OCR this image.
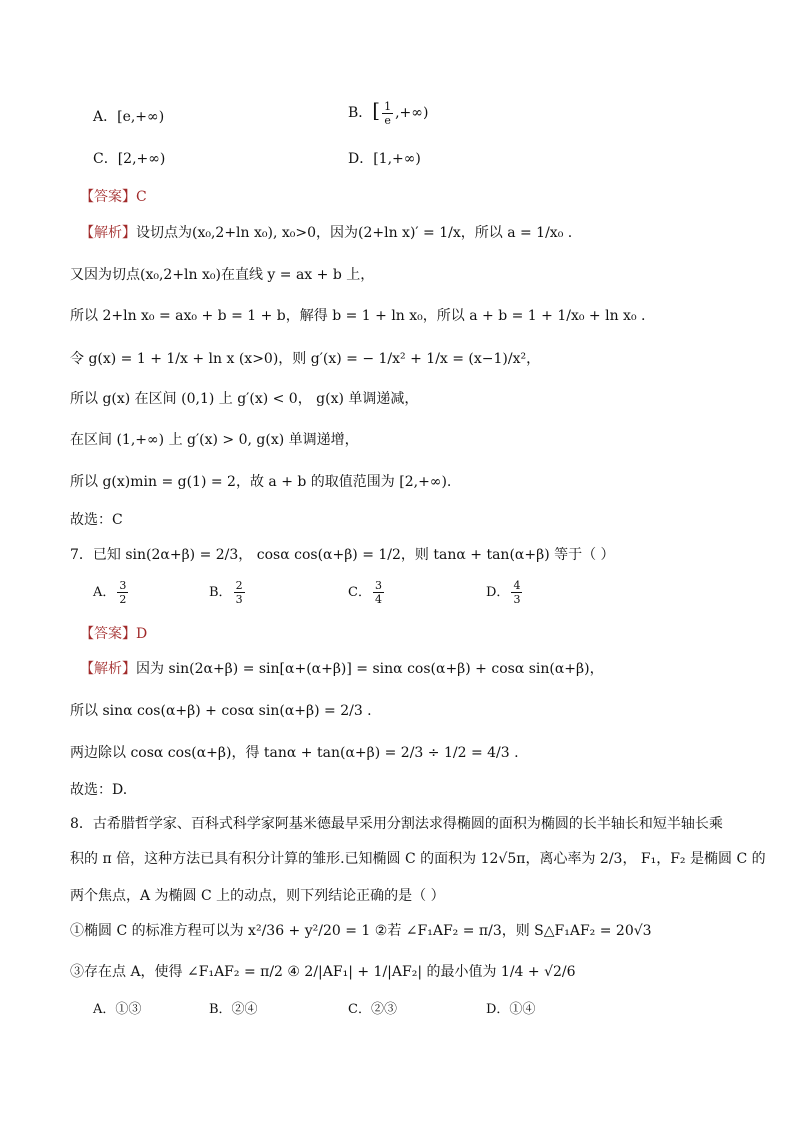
A．[e,+∞)	B．[ $\frac{1}{e}$ ,+∞)
C．[2,+∞)	D．[1,+∞)
【答案】C
【解析】设切点为(x₀,2+ln x₀), x₀>0，因为(2+ln x)′ = 1/x，所以 a = 1/x₀ .
又因为切点(x₀,2+ln x₀)在直线 y = ax + b 上，
所以 2+ln x₀ = ax₀ + b = 1 + b，解得 b = 1 + ln x₀，所以 a + b = 1 + 1/x₀ + ln x₀ .
令 g(x) = 1 + 1/x + ln x (x>0)，则 g′(x) = − 1/x² + 1/x = (x−1)/x²，
所以 g(x) 在区间 (0,1) 上 g′(x) < 0， g(x) 单调递减，
在区间 (1,+∞) 上 g′(x) > 0, g(x) 单调递增，
所以 g(x)min = g(1) = 2，故 a + b 的取值范围为 [2,+∞).
故选：C
7．已知 sin(2α+β) = 2/3， cosα cos(α+β) = 1/2，则 tanα + tan(α+β) 等于（ ）
A． $\frac{3}{2}$	B． $\frac{2}{3}$	C． $\frac{3}{4}$	D． $\frac{4}{3}$
【答案】D
【解析】因为 sin(2α+β) = sin[α+(α+β)] = sinα cos(α+β) + cosα sin(α+β)，
所以 sinα cos(α+β) + cosα sin(α+β) = 2/3 .
两边除以 cosα cos(α+β)，得 tanα + tan(α+β) = 2/3 ÷ 1/2 = 4/3 .
故选：D.
8．古希腊哲学家、百科式科学家阿基米德最早采用分割法求得椭圆的面积为椭圆的长半轴长和短半轴长乘
积的 π 倍，这种方法已具有积分计算的雏形.已知椭圆 C 的面积为 12√5π，离心率为 2/3， F₁，F₂ 是椭圆 C 的
两个焦点，A 为椭圆 C 上的动点，则下列结论正确的是（ ）
①椭圆 C 的标准方程可以为 x²/36 + y²/20 = 1 ②若 ∠F₁AF₂ = π/3，则 S△F₁AF₂ = 20√3
③存在点 A，使得 ∠F₁AF₂ = π/2 ④ 2/|AF₁| + 1/|AF₂| 的最小值为 1/4 + √2/6
A．①③	B．②④	C．②③	D．①④
